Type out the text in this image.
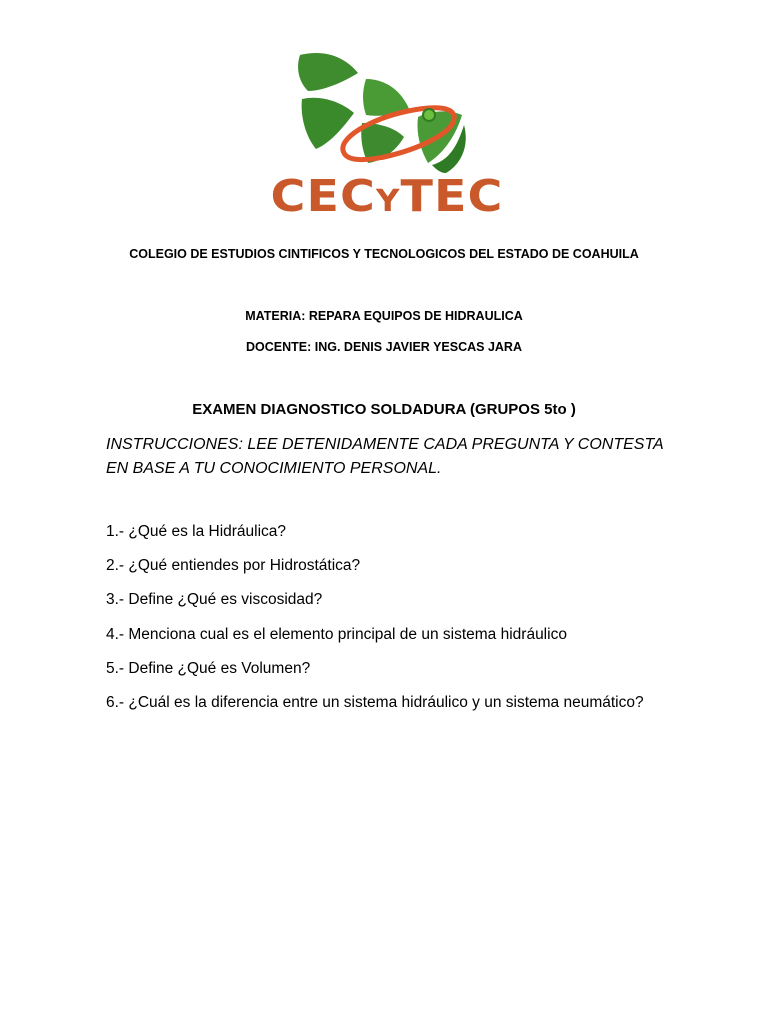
CECYTEC
COLEGIO DE ESTUDIOS CINTIFICOS Y TECNOLOGICOS DEL ESTADO DE COAHUILA
MATERIA: REPARA EQUIPOS DE HIDRAULICA
DOCENTE: ING. DENIS JAVIER YESCAS JARA
EXAMEN DIAGNOSTICO SOLDADURA (GRUPOS 5to )
INSTRUCCIONES: LEE DETENIDAMENTE CADA PREGUNTA Y CONTESTA EN BASE A TU CONOCIMIENTO PERSONAL.
1.- ¿Qué es la Hidráulica?
2.- ¿Qué entiendes por Hidrostática?
3.- Define ¿Qué es viscosidad?
4.- Menciona cual es el elemento principal de un sistema hidráulico
5.- Define ¿Qué es Volumen?
6.- ¿Cuál es la diferencia entre un sistema hidráulico y un sistema neumático?
